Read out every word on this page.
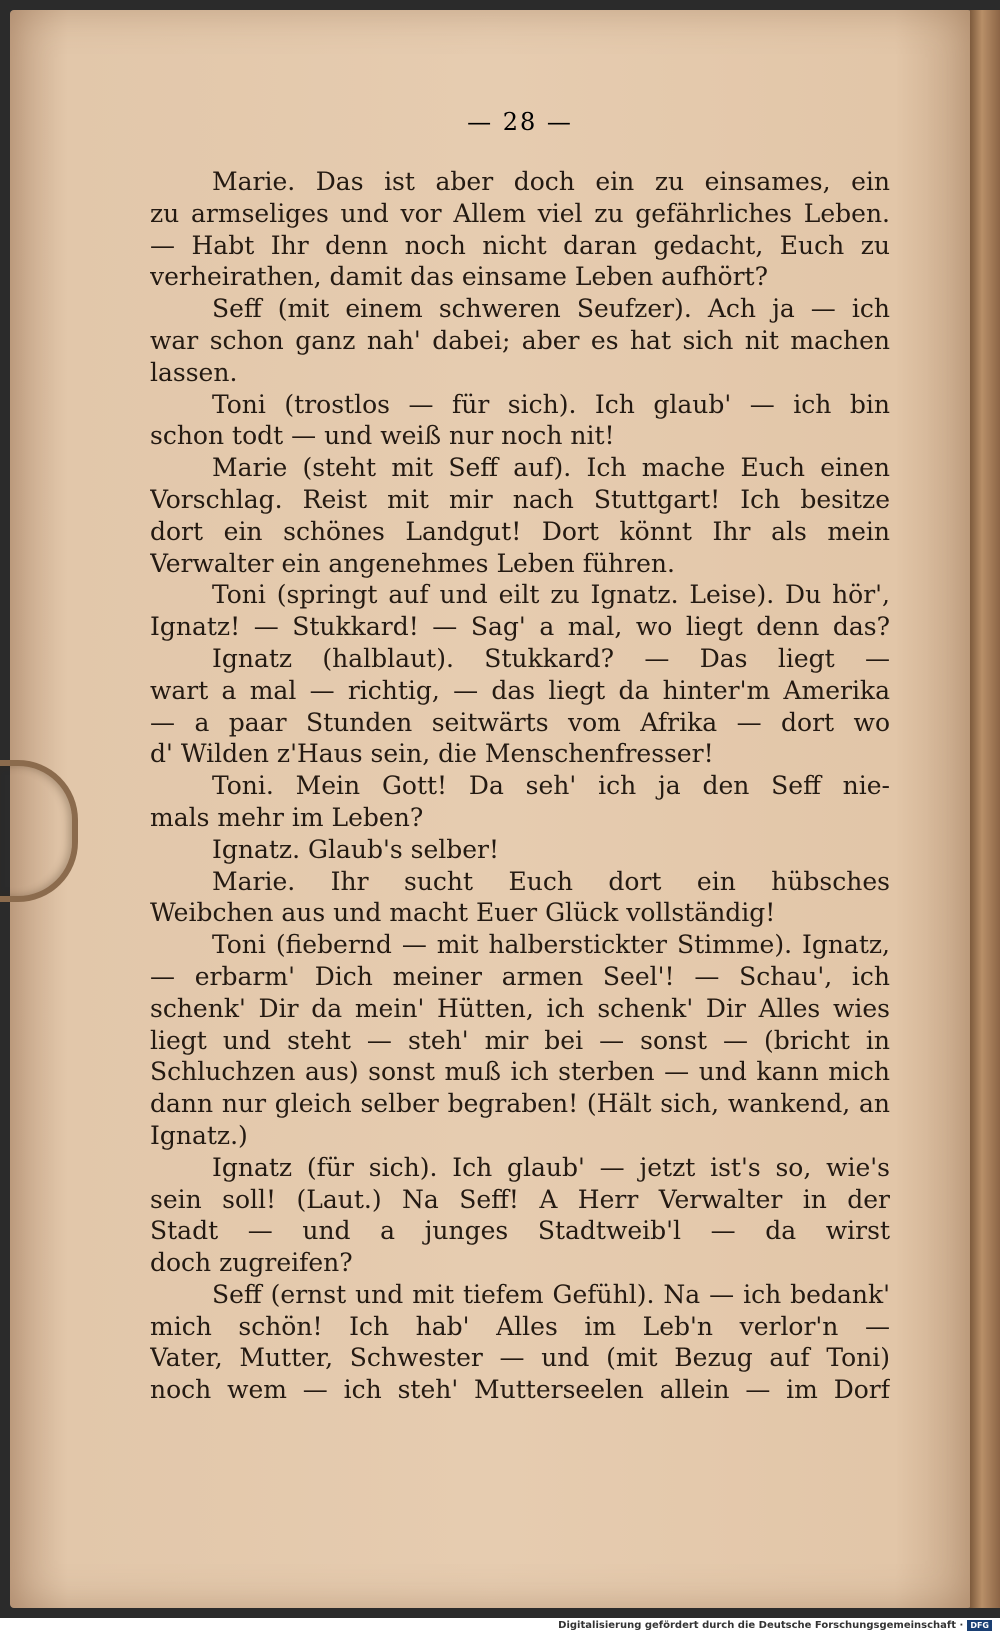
— 28 —
Marie. Das ist aber doch ein zu einsames, ein
zu armseliges und vor Allem viel zu gefährliches Leben.
— Habt Ihr denn noch nicht daran gedacht, Euch zu
verheirathen, damit das einsame Leben aufhört?
Seff (mit einem schweren Seufzer). Ach ja — ich
war schon ganz nah' dabei; aber es hat sich nit machen
lassen.
Toni (trostlos — für sich). Ich glaub' — ich bin
schon todt — und weiß nur noch nit!
Marie (steht mit Seff auf). Ich mache Euch einen
Vorschlag. Reist mit mir nach Stuttgart! Ich besitze
dort ein schönes Landgut! Dort könnt Ihr als mein
Verwalter ein angenehmes Leben führen.
Toni (springt auf und eilt zu Ignatz. Leise). Du hör',
Ignatz! — Stukkard! — Sag' a mal, wo liegt denn das?
Ignatz (halblaut). Stukkard? — Das liegt —
wart a mal — richtig, — das liegt da hinter'm Amerika
— a paar Stunden seitwärts vom Afrika — dort wo
d' Wilden z'Haus sein, die Menschenfresser!
Toni. Mein Gott! Da seh' ich ja den Seff nie-
mals mehr im Leben?
Ignatz. Glaub's selber!
Marie. Ihr sucht Euch dort ein hübsches
Weibchen aus und macht Euer Glück vollständig!
Toni (fiebernd — mit halberstickter Stimme). Ignatz,
— erbarm' Dich meiner armen Seel'! — Schau', ich
schenk' Dir da mein' Hütten, ich schenk' Dir Alles wies
liegt und steht — steh' mir bei — sonst — (bricht in
Schluchzen aus) sonst muß ich sterben — und kann mich
dann nur gleich selber begraben! (Hält sich, wankend, an
Ignatz.)
Ignatz (für sich). Ich glaub' — jetzt ist's so, wie's
sein soll! (Laut.) Na Seff! A Herr Verwalter in der
Stadt — und a junges Stadtweib'l — da wirst
doch zugreifen?
Seff (ernst und mit tiefem Gefühl). Na — ich bedank'
mich schön! Ich hab' Alles im Leb'n verlor'n —
Vater, Mutter, Schwester — und (mit Bezug auf Toni)
noch wem — ich steh' Mutterseelen allein — im Dorf
Digitalisierung gefördert durch die Deutsche Forschungsgemeinschaft · DFG
